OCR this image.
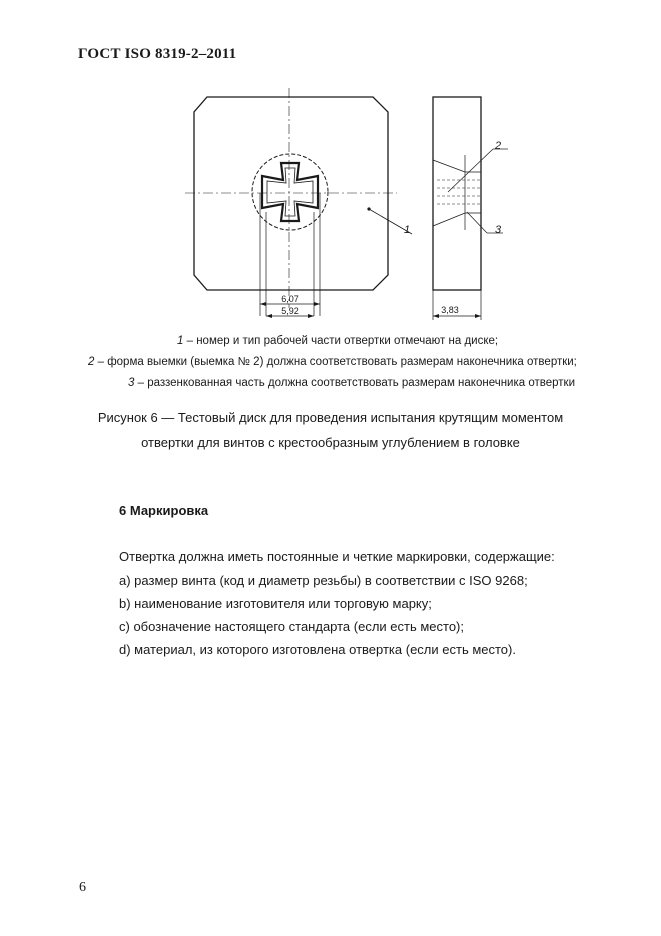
ГОСТ ISO 8319-2–2011
6,07
5,92
1
2
3
3,83
1 – номер и тип рабочей части отвертки отмечают на диске;
2 – форма выемки (выемка № 2) должна соответствовать размерам наконечника отвертки;
3 – раззенкованная часть должна соответствовать размерам наконечника отвертки
Рисунок 6 — Тестовый диск для проведения испытания крутящим моментом
отвертки для винтов с крестообразным углублением в головке
6 Маркировка
Отвертка должна иметь постоянные и четкие маркировки, содержащие:
a) размер винта (код и диаметр резьбы) в соответствии с ISO 9268;
b) наименование изготовителя или торговую марку;
c) обозначение настоящего стандарта (если есть место);
d) материал, из которого изготовлена отвертка (если есть место).
6
